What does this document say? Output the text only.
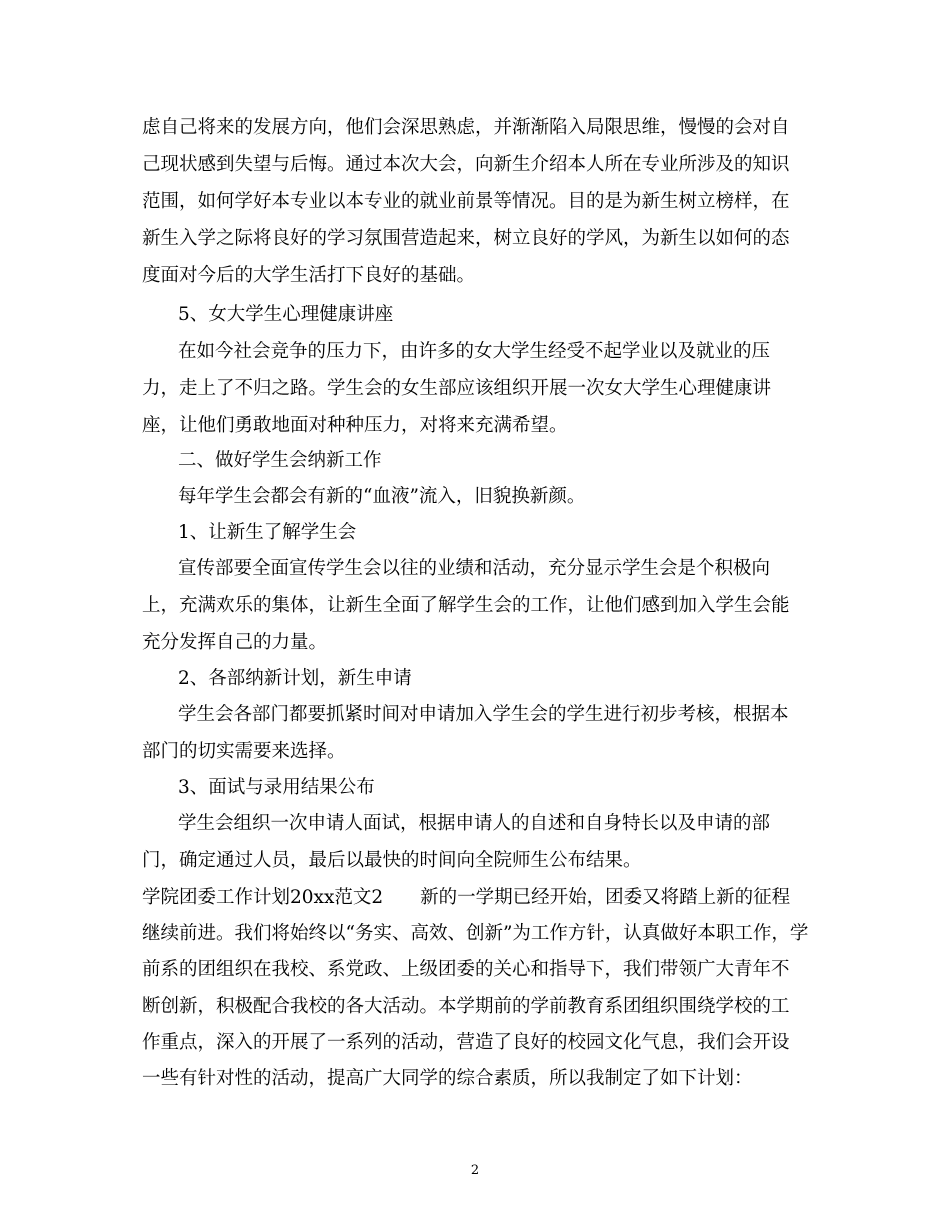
虑自己将来的发展方向，他们会深思熟虑，并渐渐陷入局限思维，慢慢的会对自
己现状感到失望与后悔。通过本次大会，向新生介绍本人所在专业所涉及的知识
范围，如何学好本专业以本专业的就业前景等情况。目的是为新生树立榜样，在
新生入学之际将良好的学习氛围营造起来，树立良好的学风，为新生以如何的态
度面对今后的大学生活打下良好的基础。
5、女大学生心理健康讲座
在如今社会竞争的压力下，由许多的女大学生经受不起学业以及就业的压
力，走上了不归之路。学生会的女生部应该组织开展一次女大学生心理健康讲
座，让他们勇敢地面对种种压力，对将来充满希望。
二、做好学生会纳新工作
每年学生会都会有新的“血液”流入，旧貌换新颜。
1、让新生了解学生会
宣传部要全面宣传学生会以往的业绩和活动，充分显示学生会是个积极向
上，充满欢乐的集体，让新生全面了解学生会的工作，让他们感到加入学生会能
充分发挥自己的力量。
2、各部纳新计划，新生申请
学生会各部门都要抓紧时间对申请加入学生会的学生进行初步考核，根据本
部门的切实需要来选择。
3、面试与录用结果公布
学生会组织一次申请人面试，根据申请人的自述和自身特长以及申请的部
门，确定通过人员，最后以最快的时间向全院师生公布结果。
学院团委工作计划20xx范文2　　新的一学期已经开始，团委又将踏上新的征程
继续前进。我们将始终以“务实、高效、创新”为工作方针，认真做好本职工作，学
前系的团组织在我校、系党政、上级团委的关心和指导下，我们带领广大青年不
断创新，积极配合我校的各大活动。本学期前的学前教育系团组织围绕学校的工
作重点，深入的开展了一系列的活动，营造了良好的校园文化气息，我们会开设
一些有针对性的活动，提高广大同学的综合素质，所以我制定了如下计划：
2
